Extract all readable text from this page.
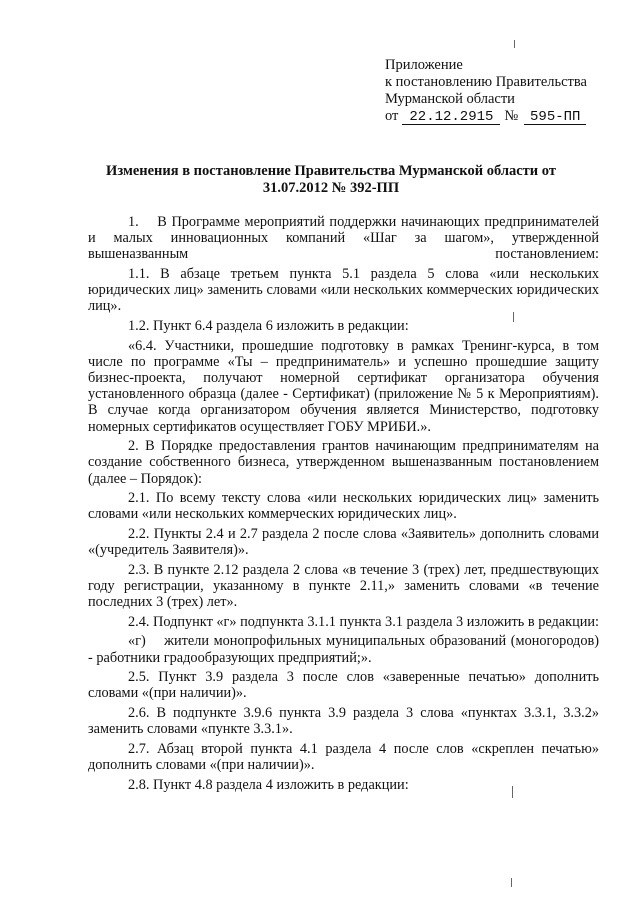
Приложение
к постановлению Правительства
Мурманской области
от 22.12.2915 № 595-ПП
Изменения в постановление Правительства Мурманской области от
31.07.2012 № 392-ПП

1.    В Программе мероприятий поддержки начинающих предпринимателей и малых инновационных компаний «Шаг за шагом», утвержденной вышеназванным постановлением:

1.1. В абзаце третьем пункта 5.1 раздела 5 слова «или нескольких юридических лиц» заменить словами «или нескольких коммерческих юридических лиц».

1.2. Пункт 6.4 раздела 6 изложить в редакции:

«6.4. Участники, прошедшие подготовку в рамках Тренинг-курса, в том числе по программе «Ты – предприниматель» и успешно прошедшие защиту бизнес-проекта, получают номерной сертификат организатора обучения установленного образца (далее - Сертификат) (приложение № 5 к Мероприятиям). В случае когда организатором обучения является Министерство, подготовку номерных сертификатов осуществляет ГОБУ МРИБИ.».

2. В Порядке предоставления грантов начинающим предпринимателям на создание собственного бизнеса, утвержденном вышеназванным постановлением (далее – Порядок):

2.1. По всему тексту слова «или нескольких юридических лиц» заменить словами «или нескольких коммерческих юридических лиц».

2.2. Пункты 2.4 и 2.7 раздела 2 после слова «Заявитель» дополнить словами «(учредитель Заявителя)».

2.3. В пункте 2.12 раздела 2 слова «в течение 3 (трех) лет, предшествующих году регистрации, указанному в пункте 2.11,» заменить словами «в течение последних 3 (трех) лет».

2.4. Подпункт «г» подпункта 3.1.1 пункта 3.1 раздела 3 изложить в редакции:

«г)    жители монопрофильных муниципальных образований (моногородов) - работники градообразующих предприятий;».

2.5. Пункт 3.9 раздела 3 после слов «заверенные печатью» дополнить словами «(при наличии)».

2.6. В подпункте 3.9.6 пункта 3.9 раздела 3 слова «пунктах 3.3.1, 3.3.2» заменить словами «пункте 3.3.1».

2.7. Абзац второй пункта 4.1 раздела 4 после слов «скреплен печатью» дополнить словами «(при наличии)».

2.8. Пункт 4.8 раздела 4 изложить в редакции:
